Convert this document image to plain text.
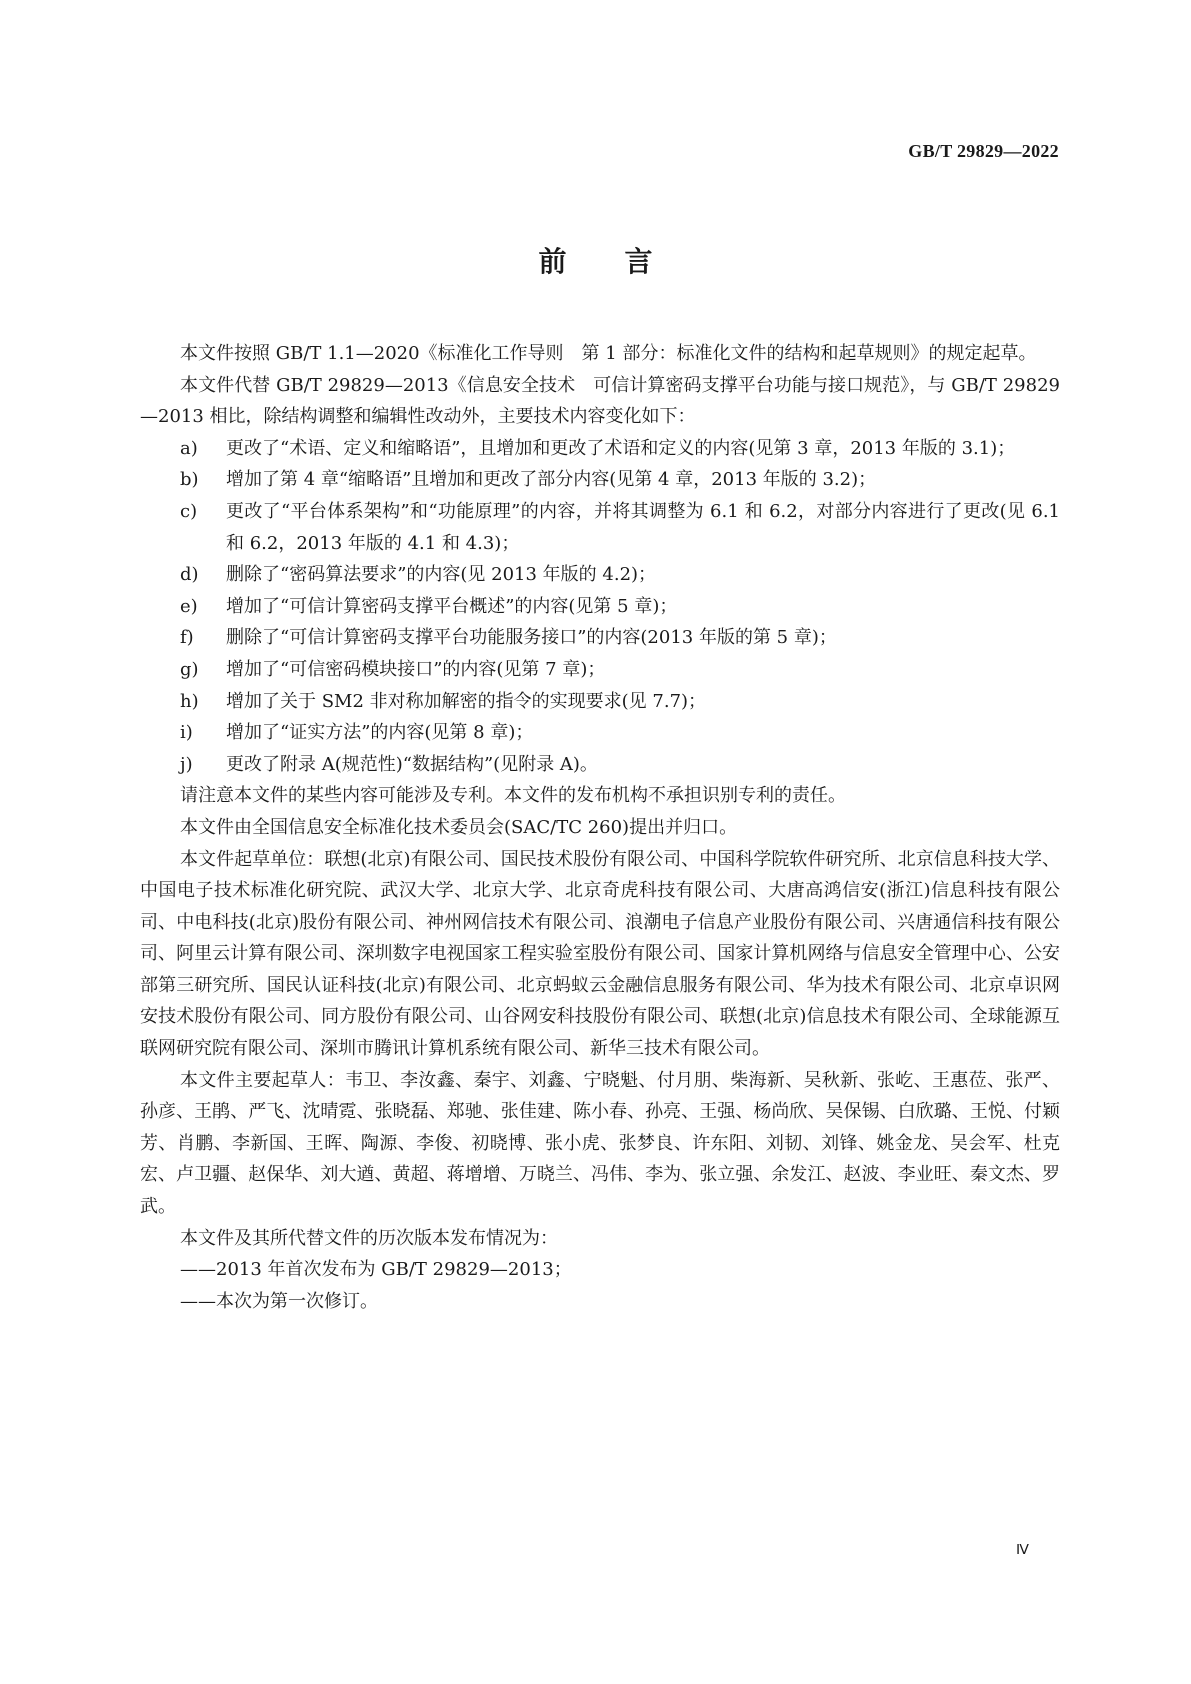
GB/T 29829—2022
前 言

本文件按照 GB/T 1.1—2020《标准化工作导则　第 1 部分：标准化文件的结构和起草规则》的规定起草。

本文件代替 GB/T 29829—2013《信息安全技术　可信计算密码支撑平台功能与接口规范》，与 GB/T 29829—2013 相比，除结构调整和编辑性改动外，主要技术内容变化如下：

a) 更改了“术语、定义和缩略语”，且增加和更改了术语和定义的内容(见第 3 章，2013 年版的 3.1)；

b) 增加了第 4 章“缩略语”且增加和更改了部分内容(见第 4 章，2013 年版的 3.2)；

c) 更改了“平台体系架构”和“功能原理”的内容，并将其调整为 6.1 和 6.2，对部分内容进行了更改(见 6.1 和 6.2，2013 年版的 4.1 和 4.3)；

d) 删除了“密码算法要求”的内容(见 2013 年版的 4.2)；

e) 增加了“可信计算密码支撑平台概述”的内容(见第 5 章)；

f) 删除了“可信计算密码支撑平台功能服务接口”的内容(2013 年版的第 5 章)；

g) 增加了“可信密码模块接口”的内容(见第 7 章)；

h) 增加了关于 SM2 非对称加解密的指令的实现要求(见 7.7)；

i) 增加了“证实方法”的内容(见第 8 章)；

j) 更改了附录 A(规范性)“数据结构”(见附录 A)。

请注意本文件的某些内容可能涉及专利。本文件的发布机构不承担识别专利的责任。

本文件由全国信息安全标准化技术委员会(SAC/TC 260)提出并归口。

本文件起草单位：联想(北京)有限公司、国民技术股份有限公司、中国科学院软件研究所、北京信息科技大学、中国电子技术标准化研究院、武汉大学、北京大学、北京奇虎科技有限公司、大唐高鸿信安(浙江)信息科技有限公司、中电科技(北京)股份有限公司、神州网信技术有限公司、浪潮电子信息产业股份有限公司、兴唐通信科技有限公司、阿里云计算有限公司、深圳数字电视国家工程实验室股份有限公司、国家计算机网络与信息安全管理中心、公安部第三研究所、国民认证科技(北京)有限公司、北京蚂蚁云金融信息服务有限公司、华为技术有限公司、北京卓识网安技术股份有限公司、同方股份有限公司、山谷网安科技股份有限公司、联想(北京)信息技术有限公司、全球能源互联网研究院有限公司、深圳市腾讯计算机系统有限公司、新华三技术有限公司。

本文件主要起草人：韦卫、李汝鑫、秦宇、刘鑫、宁晓魁、付月朋、柴海新、吴秋新、张屹、王惠莅、张严、孙彦、王鹃、严飞、沈晴霓、张晓磊、郑驰、张佳建、陈小春、孙亮、王强、杨尚欣、吴保锡、白欣璐、王悦、付颖芳、肖鹏、李新国、王晖、陶源、李俊、初晓博、张小虎、张梦良、许东阳、刘韧、刘锋、姚金龙、吴会军、杜克宏、卢卫疆、赵保华、刘大遒、黄超、蒋增增、万晓兰、冯伟、李为、张立强、余发江、赵波、李业旺、秦文杰、罗武。

本文件及其所代替文件的历次版本发布情况为：

——2013 年首次发布为 GB/T 29829—2013；

——本次为第一次修订。

Ⅳ
